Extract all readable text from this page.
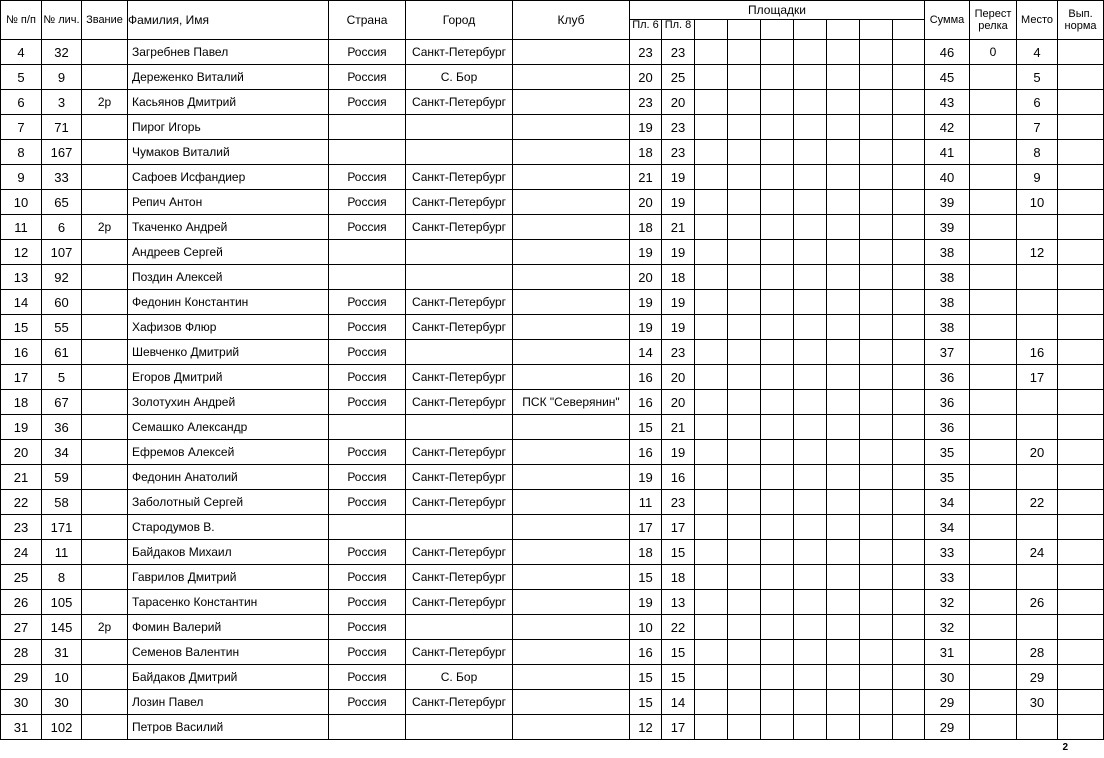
№ п/п	№ лич.	Звание	Фамилия, Имя	Страна	Город	Клуб	Площадки									Сумма	Перест релка	Место	Вып. норма
							Пл. 6	Пл. 8											
4	32		Загребнев Павел	Россия	Санкт-Петербург		23	23								46	0	4	
5	9		Дереженко Виталий	Россия	С. Бор		20	25								45		5	
6	3	2р	Касьянов Дмитрий	Россия	Санкт-Петербург		23	20								43		6	
7	71		Пирог Игорь				19	23								42		7	
8	167		Чумаков Виталий				18	23								41		8	
9	33		Сафоев Исфандиер	Россия	Санкт-Петербург		21	19								40		9	
10	65		Репич Антон	Россия	Санкт-Петербург		20	19								39		10	
11	6	2р	Ткаченко Андрей	Россия	Санкт-Петербург		18	21								39			
12	107		Андреев Сергей				19	19								38		12	
13	92		Поздин Алексей				20	18								38			
14	60		Федонин Константин	Россия	Санкт-Петербург		19	19								38			
15	55		Хафизов Флюр	Россия	Санкт-Петербург		19	19								38			
16	61		Шевченко Дмитрий	Россия			14	23								37		16	
17	5		Егоров Дмитрий	Россия	Санкт-Петербург		16	20								36		17	
18	67		Золотухин Андрей	Россия	Санкт-Петербург	ПСК "Северянин"	16	20								36			
19	36		Семашко Александр				15	21								36			
20	34		Ефремов Алексей	Россия	Санкт-Петербург		16	19								35		20	
21	59		Федонин Анатолий	Россия	Санкт-Петербург		19	16								35			
22	58		Заболотный Сергей	Россия	Санкт-Петербург		11	23								34		22	
23	171		Стародумов В.				17	17								34			
24	11		Байдаков Михаил	Россия	Санкт-Петербург		18	15								33		24	
25	8		Гаврилов Дмитрий	Россия	Санкт-Петербург		15	18								33			
26	105		Тарасенко Константин	Россия	Санкт-Петербург		19	13								32		26	
27	145	2р	Фомин Валерий	Россия			10	22								32			
28	31		Семенов Валентин	Россия	Санкт-Петербург		16	15								31		28	
29	10		Байдаков Дмитрий	Россия	С. Бор		15	15								30		29	
30	30		Лозин Павел	Россия	Санкт-Петербург		15	14								29		30	
31	102		Петров Василий				12	17								29			
2
